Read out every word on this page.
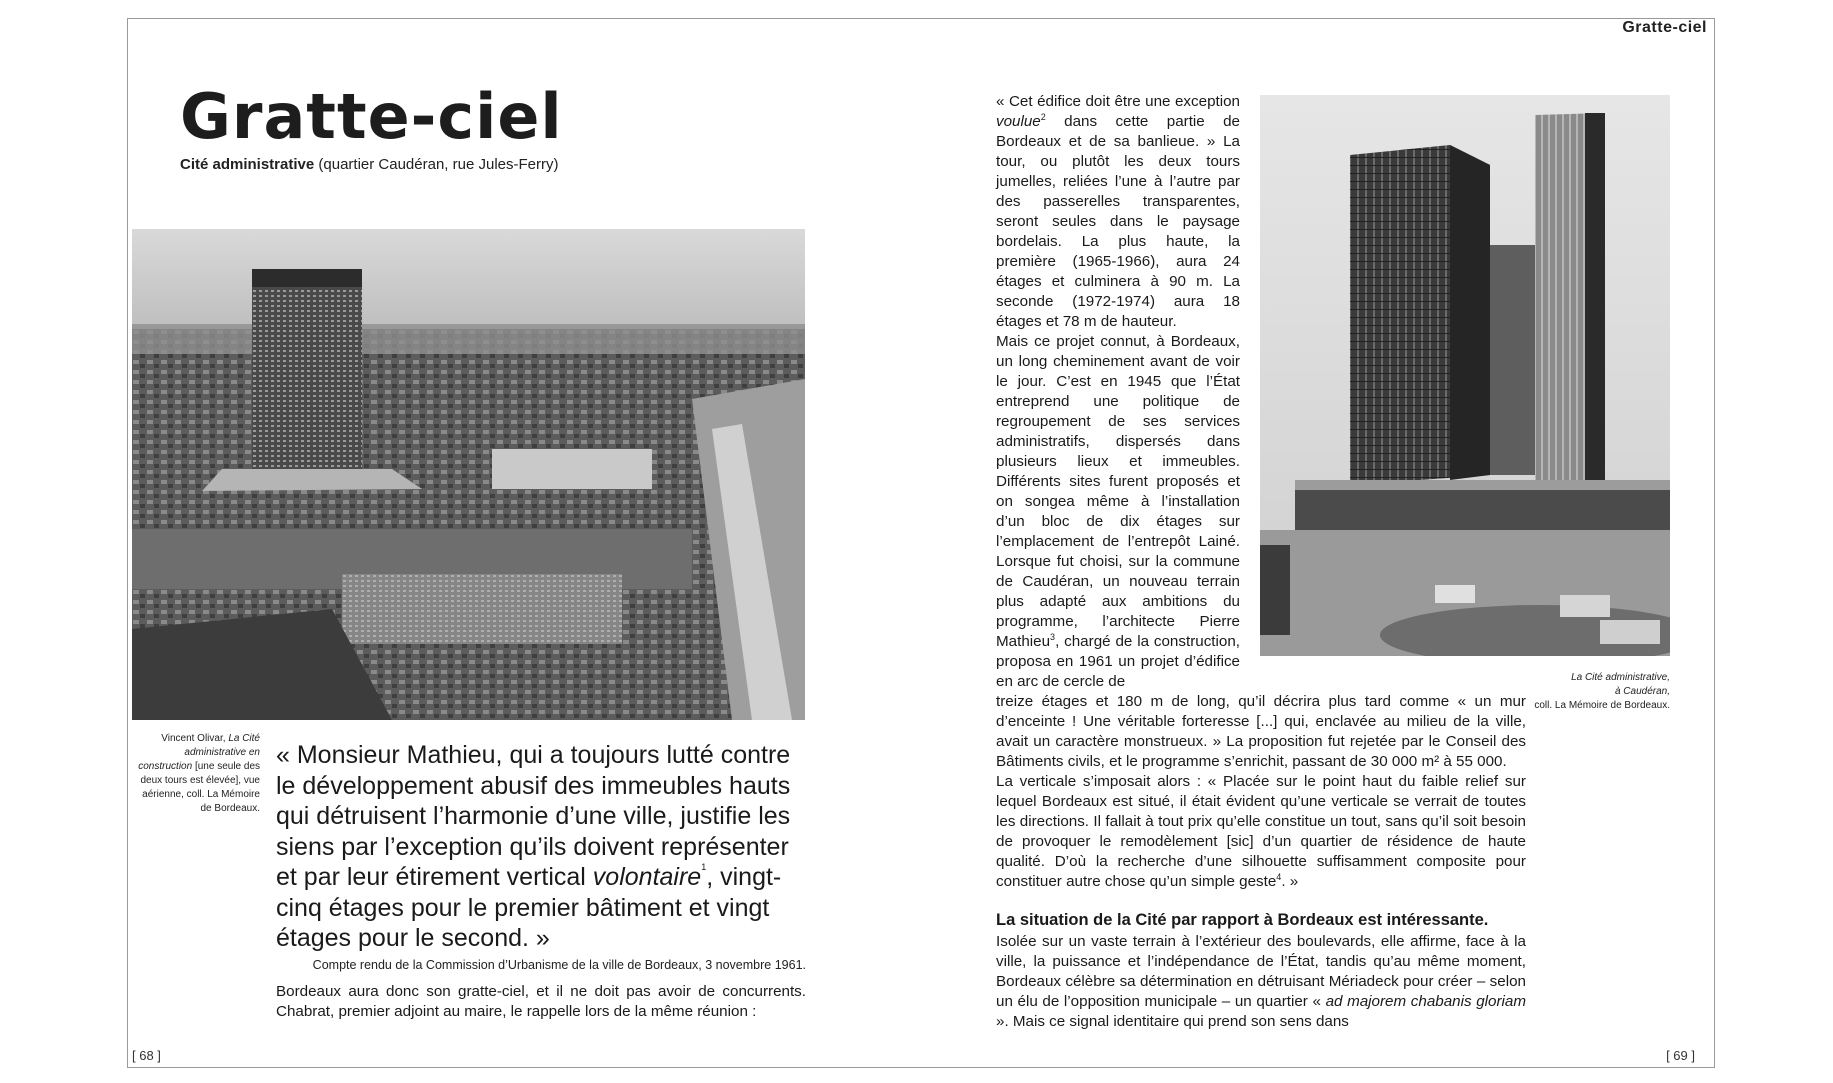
Gratte-ciel
Gratte-ciel
Cité administrative (quartier Caudéran, rue Jules-Ferry)
Vincent Olivar, La Cité administrative en construction [une seule des deux tours est élevée], vue aérienne, coll. La Mémoire de Bordeaux.

« Monsieur Mathieu, qui a toujours lutté contre le développement abusif des immeubles hauts qui détruisent l’harmonie d’une ville, justifie les siens par l’exception qu’ils doivent représenter et par leur étirement vertical volontaire$^1$, vingt-cinq étages pour le premier bâtiment et vingt étages pour le second. »

Compte rendu de la Commission d’Urbanisme de la ville de Bordeaux, 3 novembre 1961.
Bordeaux aura donc son gratte-ciel, et il ne doit pas avoir de concurrents. Chabrat, premier adjoint au maire, le rappelle lors de la même réunion :

« Cet édifice doit être une exception voulue$^2$ dans cette partie de Bordeaux et de sa banlieue. » La tour, ou plutôt les deux tours jumelles, reliées l’une à l’autre par des passerelles transparentes, seront seules dans le paysage bordelais. La plus haute, la première (1965-1966), aura 24 étages et culminera à 90 m. La seconde (1972-1974) aura 18 étages et 78 m de hauteur.

Mais ce projet connut, à Bordeaux, un long cheminement avant de voir le jour. C’est en 1945 que l’État entreprend une politique de regroupement de ses services administratifs, dispersés dans plusieurs lieux et immeubles. Différents sites furent proposés et on songea même à l’installation d’un bloc de dix étages sur l’emplacement de l’entrepôt Lainé. Lorsque fut choisi, sur la commune de Caudéran, un nouveau terrain plus adapté aux ambitions du programme, l’architecte Pierre Mathieu$^3$, chargé de la construction, proposa en 1961 un projet d’édifice en arc de cercle de

treize étages et 180 m de long, qu’il décrira plus tard comme « un mur d’enceinte ! Une véritable forteresse [...] qui, enclavée au milieu de la ville, avait un caractère monstrueux. » La proposition fut rejetée par le Conseil des Bâtiments civils, et le programme s’enrichit, passant de 30 000 m² à 55 000.

La verticale s’imposait alors : « Placée sur le point haut du faible relief sur lequel Bordeaux est situé, il était évident qu’une verticale se verrait de toutes les directions. Il fallait à tout prix qu’elle constitue un tout, sans qu’il soit besoin de provoquer le remodèlement [sic] d’un quartier de résidence de haute qualité. D’où la recherche d’une silhouette suffisamment composite pour constituer autre chose qu’un simple geste$^4$. »

La situation de la Cité par rapport à Bordeaux est intéressante.

Isolée sur un vaste terrain à l’extérieur des boulevards, elle affirme, face à la ville, la puissance et l’indépendance de l’État, tandis qu’au même moment, Bordeaux célèbre sa détermination en détruisant Mériadeck pour créer – selon un élu de l’opposition municipale – un quartier « ad majorem chabanis gloriam ». Mais ce signal identitaire qui prend son sens dans

La Cité administrative,
à Caudéran,
coll. La Mémoire de Bordeaux.
[ 68 ]	[ 69 ]
